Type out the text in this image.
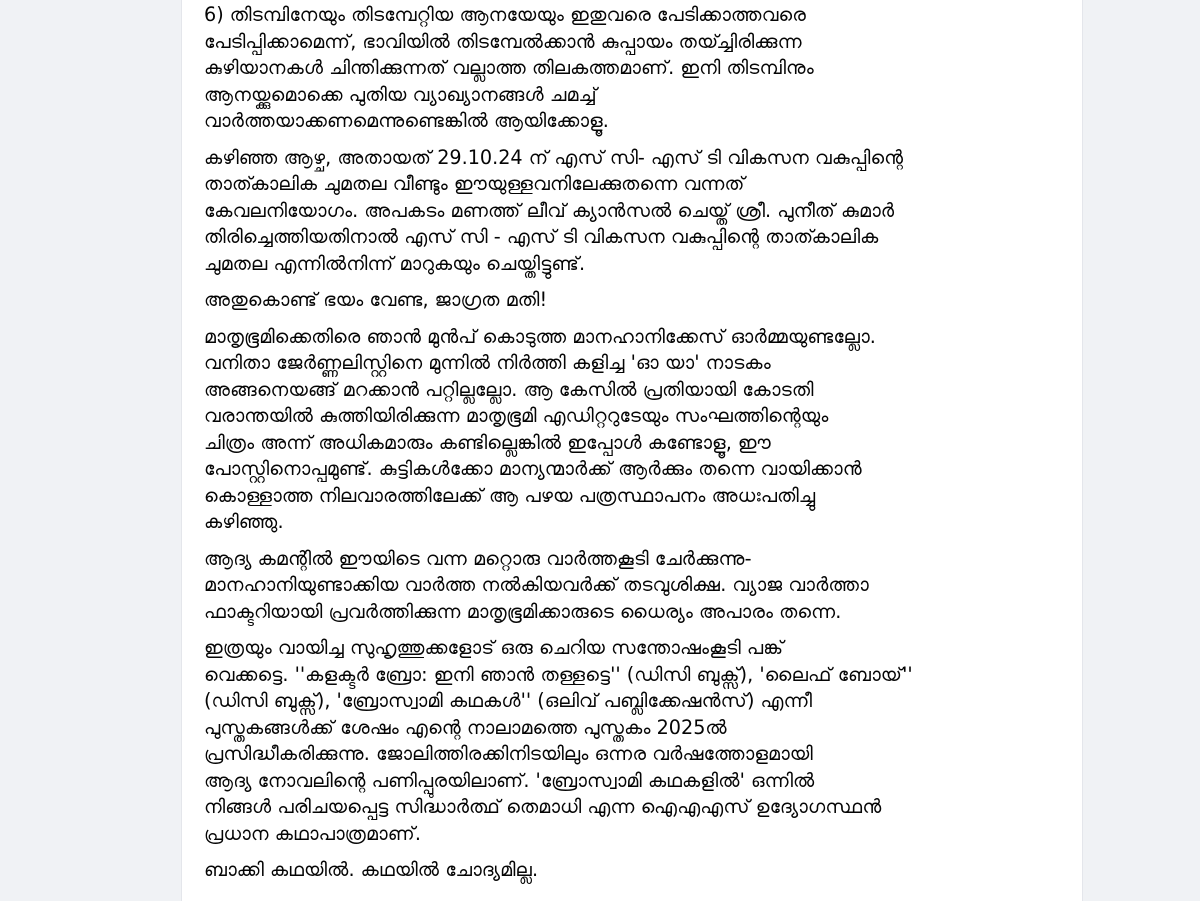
6) തിടമ്പിനേയും തിടമ്പേറ്റിയ ആനയേയും ഇതുവരെ പേടിക്കാത്തവരെ
പേടിപ്പിക്കാമെന്ന്, ഭാവിയിൽ തിടമ്പേൽക്കാൻ കുപ്പായം തയ്ച്ചിരിക്കുന്ന
കുഴിയാനകൾ ചിന്തിക്കുന്നത് വല്ലാത്ത തിലകത്തമാണ്. ഇനി തിടമ്പിനും
ആനയ്ക്കുമൊക്കെ പുതിയ വ്യാഖ്യാനങ്ങൾ ചമച്ച്
വാർത്തയാക്കണമെന്നുണ്ടെങ്കിൽ ആയിക്കോളൂ.

കഴിഞ്ഞ ആഴ്ച, അതായത് 29.10.24 ന് എസ് സി- എസ് ടി വികസന വകുപ്പിന്റെ
താത്കാലിക ചുമതല വീണ്ടും ഈയുള്ളവനിലേക്കുതന്നെ വന്നത്
കേവലനിയോഗം. അപകടം മണത്ത് ലീവ് ക്യാൻസൽ ചെയ്ത് ശ്രീ. പുനീത് കുമാർ
തിരിച്ചെത്തിയതിനാൽ എസ് സി - എസ് ടി വികസന വകുപ്പിന്റെ താത്കാലിക
ചുമതല എന്നിൽനിന്ന് മാറുകയും ചെയ്തിട്ടുണ്ട്.

അതുകൊണ്ട് ഭയം വേണ്ട, ജാഗ്രത മതി!

മാതൃഭൂമിക്കെതിരെ ഞാൻ മുൻപ് കൊടുത്ത മാനഹാനിക്കേസ് ഓർമ്മയുണ്ടല്ലോ.
വനിതാ ജേർണ്ണലിസ്റ്റിനെ മുന്നിൽ നിർത്തി കളിച്ച 'ഓ യാ' നാടകം
അങ്ങനെയങ്ങ് മറക്കാൻ പറ്റില്ലല്ലോ. ആ കേസിൽ പ്രതിയായി കോടതി
വരാന്തയിൽ കുത്തിയിരിക്കുന്ന മാതൃഭൂമി എഡിറ്ററുടേയും സംഘത്തിന്റെയും
ചിത്രം അന്ന് അധികമാരും കണ്ടില്ലെങ്കിൽ ഇപ്പോൾ കണ്ടോളൂ, ഈ
പോസ്റ്റിനൊപ്പമുണ്ട്. കുട്ടികൾക്കോ മാന്യന്മാർക്ക് ആർക്കും തന്നെ വായിക്കാൻ
കൊള്ളാത്ത നിലവാരത്തിലേക്ക് ആ പഴയ പത്രസ്ഥാപനം അധഃപതിച്ചു
കഴിഞ്ഞു.

ആദ്യ കമന്റിൽ ഈയിടെ വന്ന മറ്റൊരു വാർത്തകൂടി ചേർക്കുന്നു-
മാനഹാനിയുണ്ടാക്കിയ വാർത്ത നൽകിയവർക്ക് തടവുശിക്ഷ. വ്യാജ വാർത്താ
ഫാക്ടറിയായി പ്രവർത്തിക്കുന്ന മാതൃഭൂമിക്കാരുടെ ധൈര്യം അപാരം തന്നെ.

ഇത്രയും വായിച്ച സുഹൃത്തുക്കളോട് ഒരു ചെറിയ സന്തോഷംകൂടി പങ്ക്
വെക്കട്ടെ. ''കളക്ടർ ബ്രോ: ഇനി ഞാൻ തള്ളട്ടെ'' (ഡിസി ബുക്സ്), 'ലൈഫ് ബോയ്''
(ഡിസി ബുക്സ്), 'ബ്രോസ്വാമി കഥകൾ'' (ഒലിവ് പബ്ലിക്കേഷൻസ്) എന്നീ
പുസ്തകങ്ങൾക്ക് ശേഷം എന്റെ നാലാമത്തെ പുസ്തകം 2025ൽ
പ്രസിദ്ധീകരിക്കുന്നു. ജോലിത്തിരക്കിനിടയിലും ഒന്നര വർഷത്തോളമായി
ആദ്യ നോവലിന്റെ പണിപ്പുരയിലാണ്. 'ബ്രോസ്വാമി കഥകളിൽ' ഒന്നിൽ
നിങ്ങൾ പരിചയപ്പെട്ട സിദ്ധാർത്ഥ് തെമാധി എന്ന ഐഎഎസ് ഉദ്യോഗസ്ഥൻ
പ്രധാന കഥാപാത്രമാണ്.

ബാക്കി കഥയിൽ. കഥയിൽ ചോദ്യമില്ല.
